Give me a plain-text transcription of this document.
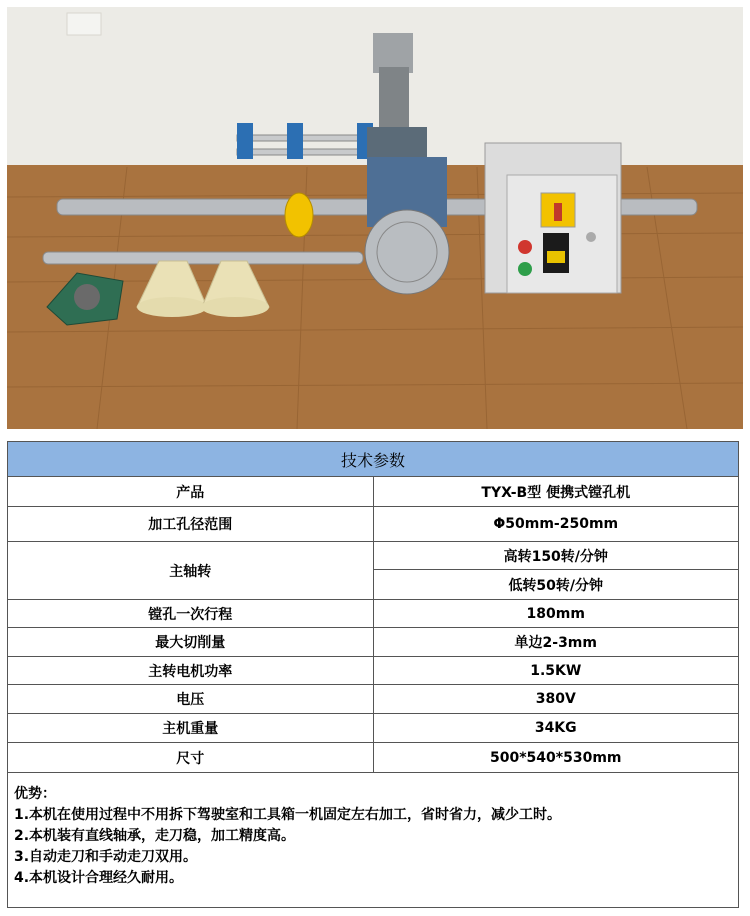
技术参数	
产品	TYX-B型 便携式镗孔机
加工孔径范围	Φ50mm-250mm
主轴转	高转150转/分钟
	低转50转/分钟
镗孔一次行程	180mm
最大切削量	单边2-3mm
主转电机功率	1.5KW
电压	380V
主机重量	34KG
尺寸	500*540*530mm
优势：
1.本机在使用过程中不用拆下驾驶室和工具箱一机固定左右加工，省时省力，减少工时。
2.本机装有直线轴承，走刀稳，加工精度高。
3.自动走刀和手动走刀双用。
4.本机设计合理经久耐用。
